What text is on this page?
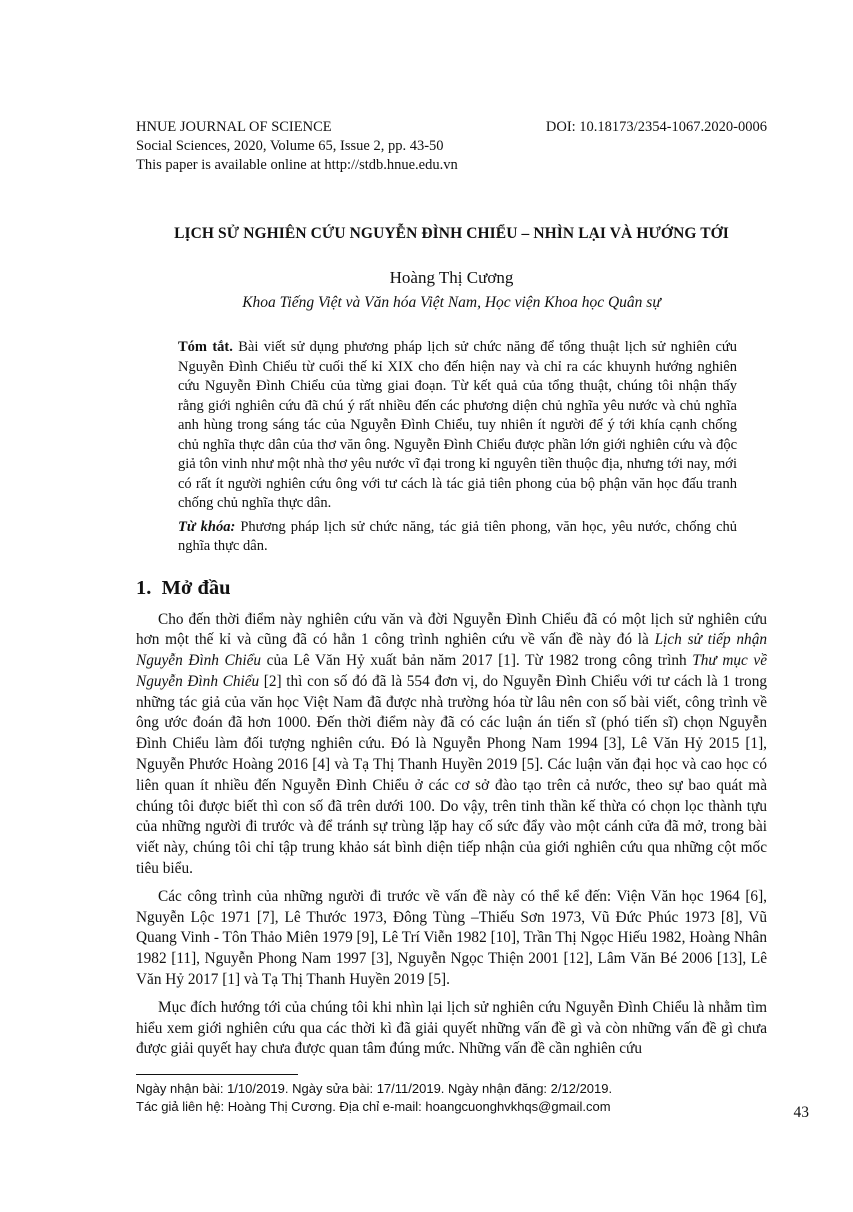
HNUE JOURNAL OF SCIENCE	DOI: 10.18173/2354-1067.2020-0006
Social Sciences, 2020, Volume 65, Issue 2, pp. 43-50
This paper is available online at http://stdb.hnue.edu.vn
LỊCH SỬ NGHIÊN CỨU NGUYỄN ĐÌNH CHIỂU – NHÌN LẠI VÀ HƯỚNG TỚI
Hoàng Thị Cương
Khoa Tiếng Việt và Văn hóa Việt Nam, Học viện Khoa học Quân sự
Tóm tắt. Bài viết sử dụng phương pháp lịch sử chức năng để tổng thuật lịch sử nghiên cứu Nguyễn Đình Chiểu từ cuối thế kỉ XIX cho đến hiện nay và chỉ ra các khuynh hướng nghiên cứu Nguyễn Đình Chiểu của từng giai đoạn. Từ kết quả của tổng thuật, chúng tôi nhận thấy rằng giới nghiên cứu đã chú ý rất nhiều đến các phương diện chủ nghĩa yêu nước và chủ nghĩa anh hùng trong sáng tác của Nguyễn Đình Chiểu, tuy nhiên ít người để ý tới khía cạnh chống chủ nghĩa thực dân của thơ văn ông. Nguyễn Đình Chiểu được phần lớn giới nghiên cứu và độc giả tôn vinh như một nhà thơ yêu nước vĩ đại trong kỉ nguyên tiền thuộc địa, nhưng tới nay, mới có rất ít người nghiên cứu ông với tư cách là tác giả tiên phong của bộ phận văn học đấu tranh chống chủ nghĩa thực dân.
Từ khóa: Phương pháp lịch sử chức năng, tác giả tiên phong, văn học, yêu nước, chống chủ nghĩa thực dân.
1. Mở đầu

Cho đến thời điểm này nghiên cứu văn và đời Nguyễn Đình Chiểu đã có một lịch sử nghiên cứu hơn một thế kỉ và cũng đã có hẳn 1 công trình nghiên cứu về vấn đề này đó là Lịch sử tiếp nhận Nguyễn Đình Chiểu của Lê Văn Hỷ xuất bản năm 2017 [1]. Từ 1982 trong công trình Thư mục về Nguyễn Đình Chiểu [2] thì con số đó đã là 554 đơn vị, do Nguyễn Đình Chiểu với tư cách là 1 trong những tác giả của văn học Việt Nam đã được nhà trường hóa từ lâu nên con số bài viết, công trình về ông ước đoán đã hơn 1000. Đến thời điểm này đã có các luận án tiến sĩ (phó tiến sĩ) chọn Nguyễn Đình Chiểu làm đối tượng nghiên cứu. Đó là Nguyễn Phong Nam 1994 [3], Lê Văn Hỷ 2015 [1], Nguyễn Phước Hoàng 2016 [4] và Tạ Thị Thanh Huyền 2019 [5]. Các luận văn đại học và cao học có liên quan ít nhiều đến Nguyễn Đình Chiểu ở các cơ sở đào tạo trên cả nước, theo sự bao quát mà chúng tôi được biết thì con số đã trên dưới 100. Do vậy, trên tinh thần kế thừa có chọn lọc thành tựu của những người đi trước và để tránh sự trùng lặp hay cố sức đẩy vào một cánh cửa đã mở, trong bài viết này, chúng tôi chỉ tập trung khảo sát bình diện tiếp nhận của giới nghiên cứu qua những cột mốc tiêu biểu.

Các công trình của những người đi trước về vấn đề này có thể kể đến: Viện Văn học 1964 [6], Nguyễn Lộc 1971 [7], Lê Thước 1973, Đông Tùng –Thiếu Sơn 1973, Vũ Đức Phúc 1973 [8], Vũ Quang Vinh - Tôn Thảo Miên 1979 [9], Lê Trí Viễn 1982 [10], Trần Thị Ngọc Hiếu 1982, Hoàng Nhân 1982 [11], Nguyễn Phong Nam 1997 [3], Nguyễn Ngọc Thiện 2001 [12], Lâm Văn Bé 2006 [13], Lê Văn Hỷ 2017 [1] và Tạ Thị Thanh Huyền 2019 [5].

Mục đích hướng tới của chúng tôi khi nhìn lại lịch sử nghiên cứu Nguyễn Đình Chiểu là nhằm tìm hiểu xem giới nghiên cứu qua các thời kì đã giải quyết những vấn đề gì và còn những vấn đề gì chưa được giải quyết hay chưa được quan tâm đúng mức. Những vấn đề cần nghiên cứu

Ngày nhận bài: 1/10/2019. Ngày sửa bài: 17/11/2019. Ngày nhận đăng: 2/12/2019.
Tác giả liên hệ: Hoàng Thị Cương. Địa chỉ e-mail: hoangcuonghvkhqs@gmail.com	43
